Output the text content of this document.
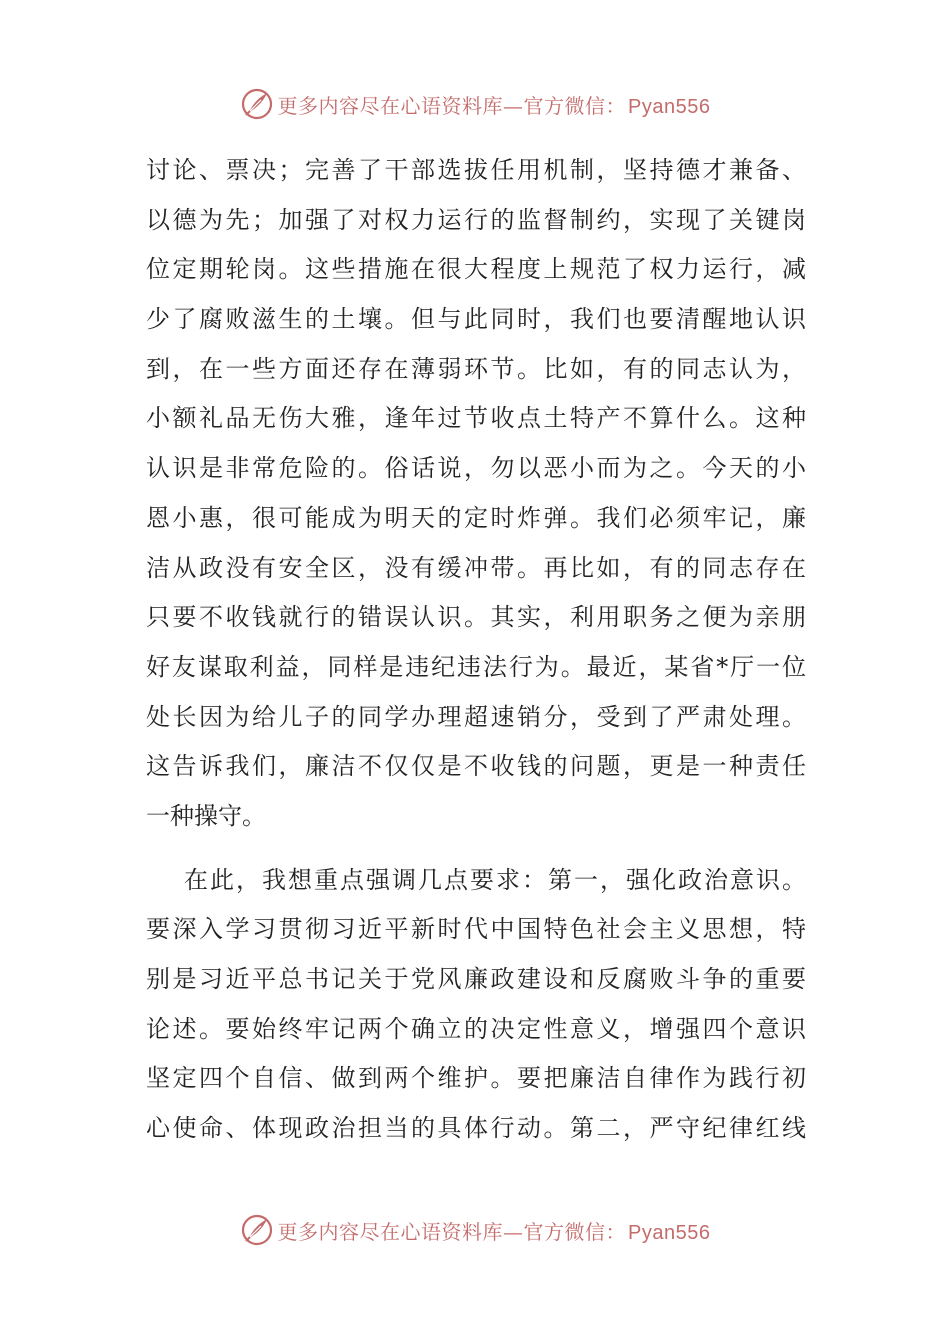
更多内容尽在心语资料库—官方微信： Pyan556
讨论、票决；完善了干部选拔任用机制，坚持德才兼备、
以德为先；加强了对权力运行的监督制约，实现了关键岗
位定期轮岗。这些措施在很大程度上规范了权力运行，减
少了腐败滋生的土壤。但与此同时，我们也要清醒地认识
到，在一些方面还存在薄弱环节。比如，有的同志认为，
小额礼品无伤大雅，逢年过节收点土特产不算什么。这种
认识是非常危险的。俗话说，勿以恶小而为之。今天的小
恩小惠，很可能成为明天的定时炸弹。我们必须牢记，廉
洁从政没有安全区，没有缓冲带。再比如，有的同志存在
只要不收钱就行的错误认识。其实，利用职务之便为亲朋
好友谋取利益，同样是违纪违法行为。最近，某省*厅一位
处长因为给儿子的同学办理超速销分，受到了严肃处理。
这告诉我们，廉洁不仅仅是不收钱的问题，更是一种责任
一种操守。
在此，我想重点强调几点要求：第一，强化政治意识。
要深入学习贯彻习近平新时代中国特色社会主义思想，特
别是习近平总书记关于党风廉政建设和反腐败斗争的重要
论述。要始终牢记两个确立的决定性意义，增强四个意识
坚定四个自信、做到两个维护。要把廉洁自律作为践行初
心使命、体现政治担当的具体行动。第二，严守纪律红线
更多内容尽在心语资料库—官方微信： Pyan556
